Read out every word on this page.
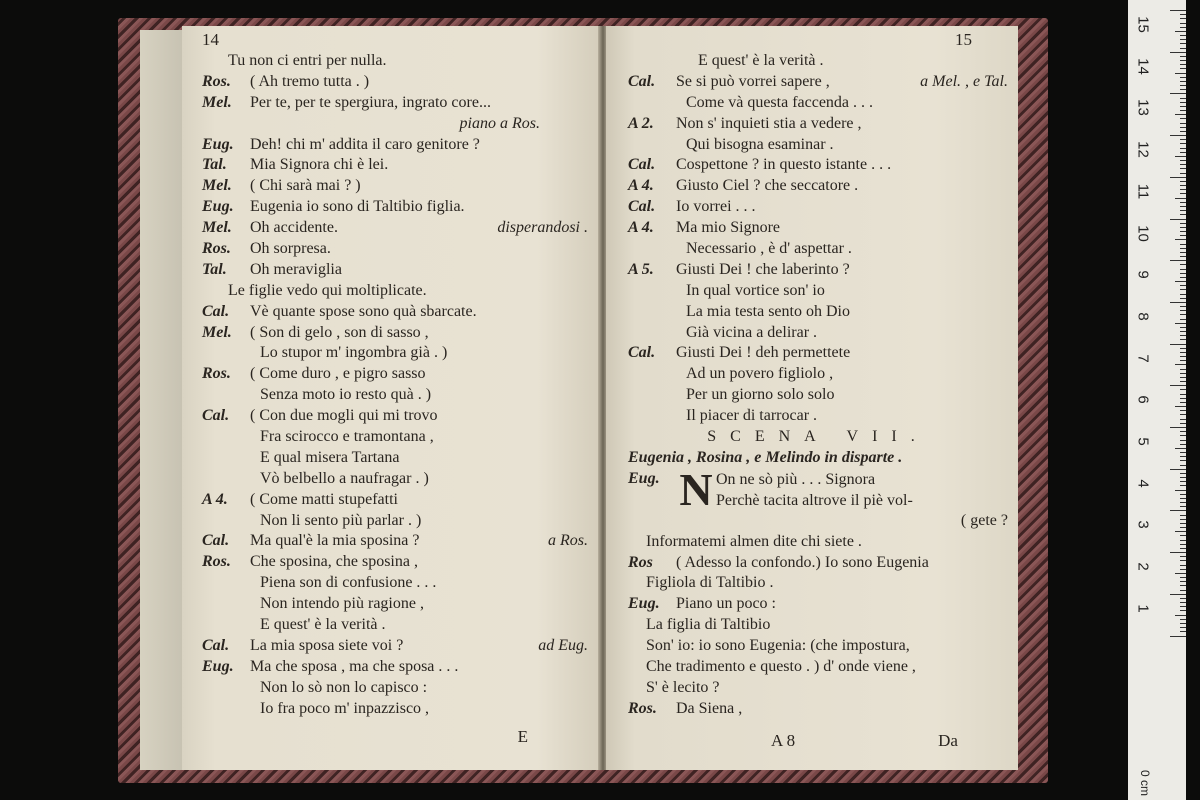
14
Tu non ci entri per nulla.
Ros.	( Ah tremo tutta . )
Mel.	Per te, per te spergiura, ingrato core...
piano a Ros.
Eug.	Deh! chi m' addita il caro genitore ?
Tal.	Mia Signora chi è lei.
Mel.	( Chi sarà mai ? )
Eug.	Eugenia io sono di Taltibio figlia.
Mel.	Oh accidente.	disperandosi .
Ros.	Oh sorpresa.
Tal.	Oh meraviglia
Le figlie vedo qui moltiplicate.
Cal.	Vè quante spose sono quà sbarcate.
Mel.	( Son di gelo , son di sasso ,
Lo stupor m' ingombra già . )
Ros.	( Come duro , e pigro sasso
Senza moto io resto quà . )
Cal.	( Con due mogli qui mi trovo
Fra scirocco e tramontana ,
E qual misera Tartana
Vò belbello a naufragar . )
A 4.	( Come matti stupefatti
Non li sento più parlar . )
Cal.	Ma qual'è la mia sposina ?	a Ros.
Ros.	Che sposina, che sposina ,
Piena son di confusione . . .
Non intendo più ragione ,
E quest' è la verità .
Cal.	La mia sposa siete voi ?	ad Eug.
Eug.	Ma che sposa , ma che sposa . . .
Non lo sò non lo capisco :
Io fra poco m' inpazzisco ,
E
15
E quest' è la verità .
Cal.	Se si può vorrei sapere ,	a Mel. , e Tal.
Come và questa faccenda . . .
A 2.	Non s' inquieti stia a vedere ,
Qui bisogna esaminar .
Cal.	Cospettone ? in questo istante . . .
A 4.	Giusto Ciel ? che seccatore .
Cal.	Io vorrei . . .
A 4.	Ma mio Signore
Necessario , è d' aspettar .
A 5.	Giusti Dei ! che laberinto ?
In qual vortice son' io
La mia testa sento oh Dio
Già vicina a delirar .
Cal.	Giusti Dei ! deh permettete
Ad un povero figliolo ,
Per un giorno solo solo
Il piacer di tarrocar .
SCENA VII.
Eugenia , Rosina , e Melindo in disparte .
Eug. N On ne sò più . . . Signora
Perchè tacita altrove il piè vol-
( gete ?
Informatemi almen dite chi siete .
Ros	( Adesso la confondo.) Io sono Eugenia
Figliola di Taltibio .
Eug.	Piano un poco :
La figlia di Taltibio
Son' io: io sono Eugenia: (che impostura,
Che tradimento e questo . ) d' onde viene ,
S' è lecito ?
Ros.	Da Siena ,
A 8	Da
0 cm
15
14
13
12
11
10
9
8
7
6
5
4
3
2
1
